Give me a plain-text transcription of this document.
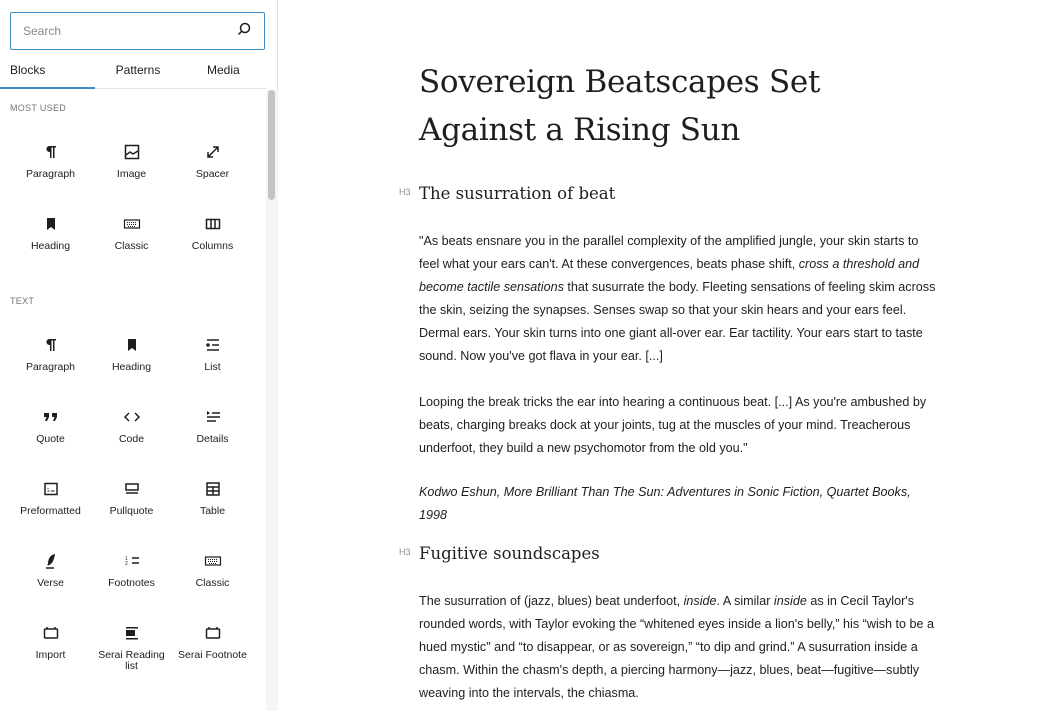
Search
Blocks	Patterns	Media
MOST USED
Paragraph	Image	Spacer
Heading	Classic	Columns
TEXT
Paragraph	Heading	List
Quote	Code	Details
Preformatted	Pullquote	Table
Verse
1
2
Footnotes	Classic
Import	Serai Reading list
Serai Footnote
Sovereign Beatscapes Set Against a Rising Sun
H3 The susurration of beat

"As beats ensnare you in the parallel complexity of the amplified jungle, your skin starts to feel what your ears can't. At these convergences, beats phase shift, cross a threshold and become tactile sensations that susurrate the body. Fleeting sensations of feeling skim across the skin, seizing the synapses. Senses swap so that your skin hears and your ears feel. Dermal ears. Your skin turns into one giant all-over ear. Ear tactility. Your ears start to taste sound. Now you've got flava in your ear. [...]

Looping the break tricks the ear into hearing a continuous beat. [...] As you're ambushed by beats, charging breaks dock at your joints, tug at the muscles of your mind. Treacherous underfoot, they build a new psychomotor from the old you."

Kodwo Eshun, More Brilliant Than The Sun: Adventures in Sonic Fiction, Quartet Books, 1998

H3 Fugitive soundscapes

The susurration of (jazz, blues) beat underfoot, inside. A similar inside as in Cecil Taylor's rounded words, with Taylor evoking the “whitened eyes inside a lion's belly,” his “wish to be a hued mystic" and “to disappear, or as sovereign,” “to dip and grind.” A susurration inside a chasm. Within the chasm's depth, a piercing harmony—jazz, blues, beat—fugitive—subtly weaving into the intervals, the chiasma.
